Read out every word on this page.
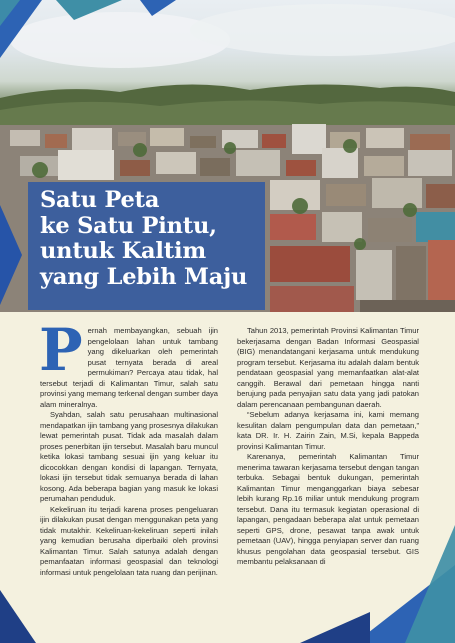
Satu Peta
ke Satu Pintu,
untuk Kaltim
yang Lebih Maju
P ernah membayangkan, sebuah ijin pengelolaan lahan untuk tambang yang dikeluarkan oleh pemerintah pusat ternyata berada di areal permukiman? Percaya atau tidak, hal tersebut terjadi di Kalimantan Timur, salah satu provinsi yang memang terkenal dengan sumber daya alam mineralnya.

Syahdan, salah satu perusahaan multinasional mendapatkan ijin tambang yang prosesnya dilakukan lewat pemerintah pusat. Tidak ada masalah dalam proses penerbitan ijin tersebut. Masalah baru muncul ketika lokasi tambang sesuai ijin yang keluar itu dicocokkan dengan kondisi di lapangan. Ternyata, lokasi ijin tersebut tidak semuanya berada di lahan kosong. Ada beberapa bagian yang masuk ke lokasi perumahan penduduk.

Kekeliruan itu terjadi karena proses pengeluaran ijin dilakukan pusat dengan menggunakan peta yang tidak mutakhir. Kekeliruan-kekeliruan seperti inilah yang kemudian berusaha diperbaiki oleh provinsi Kalimantan Timur. Salah satunya adalah dengan pemanfaatan informasi geospasial dan teknologi informasi untuk pengelolaan tata ruang dan perijinan.

Tahun 2013, pemerintah Provinsi Kalimantan Timur bekerjasama dengan Badan Informasi Geospasial (BIG) menandatangani kerjasama untuk mendukung program tersebut. Kerjasama itu adalah dalam bentuk pendataan geospasial yang memanfaatkan alat-alat canggih. Berawal dari pemetaan hingga nanti berujung pada penyajian satu data yang jadi patokan dalam perencanaan pembangunan daerah.

“Sebelum adanya kerjasama ini, kami memang kesulitan dalam pengumpulan data dan pemetaan,” kata DR. Ir. H. Zairin Zain, M.Si, kepala Bappeda provinsi Kalimantan Timur.

Karenanya, pemerintah Kalimantan Timur menerima tawaran kerjasama tersebut dengan tangan terbuka. Sebagai bentuk dukungan, pemerintah Kalimantan Timur menganggarkan biaya sebesar lebih kurang Rp.16 miliar untuk mendukung program tersebut. Dana itu termasuk kegiatan operasional di lapangan, pengadaan beberapa alat untuk pemetaan seperti GPS, drone, pesawat tanpa awak untuk pemetaan (UAV), hingga penyiapan server dan ruang khusus pengolahan data geospasial tersebut. GIS membantu pelaksanaan di
